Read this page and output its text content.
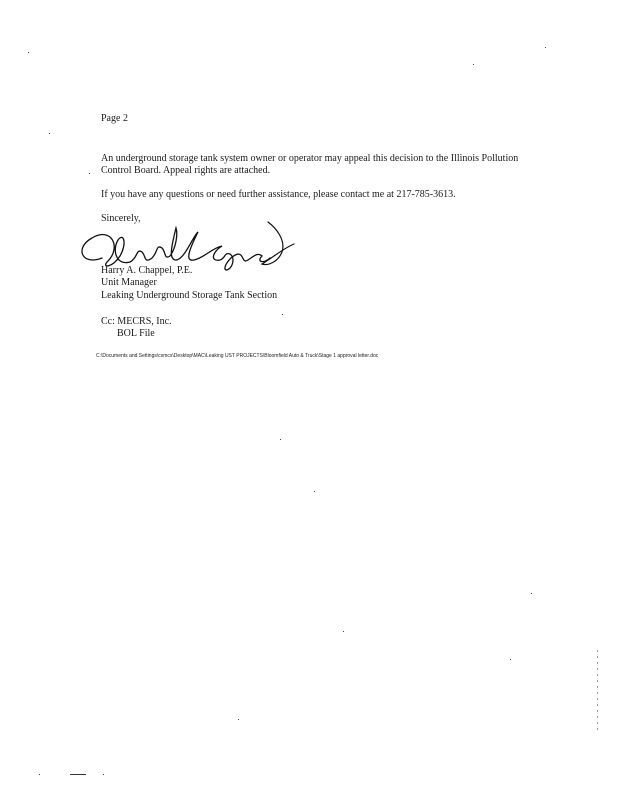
Page 2
An underground storage tank system owner or operator may appeal this decision to the Illinois Pollution Control Board. Appeal rights are attached.
If you have any questions or need further assistance, please contact me at 217-785-3613.
Sincerely,
Harry A. Chappel, P.E.
Unit Manager
Leaking Underground Storage Tank Section
Cc: MECRS, Inc.
BOL File
C:\Documents and Settings\cxmcs\Desktop\MAC\Leaking UST PROJECTS\Bloomfield Auto & Truck\Stage 1 approval letter.doc
